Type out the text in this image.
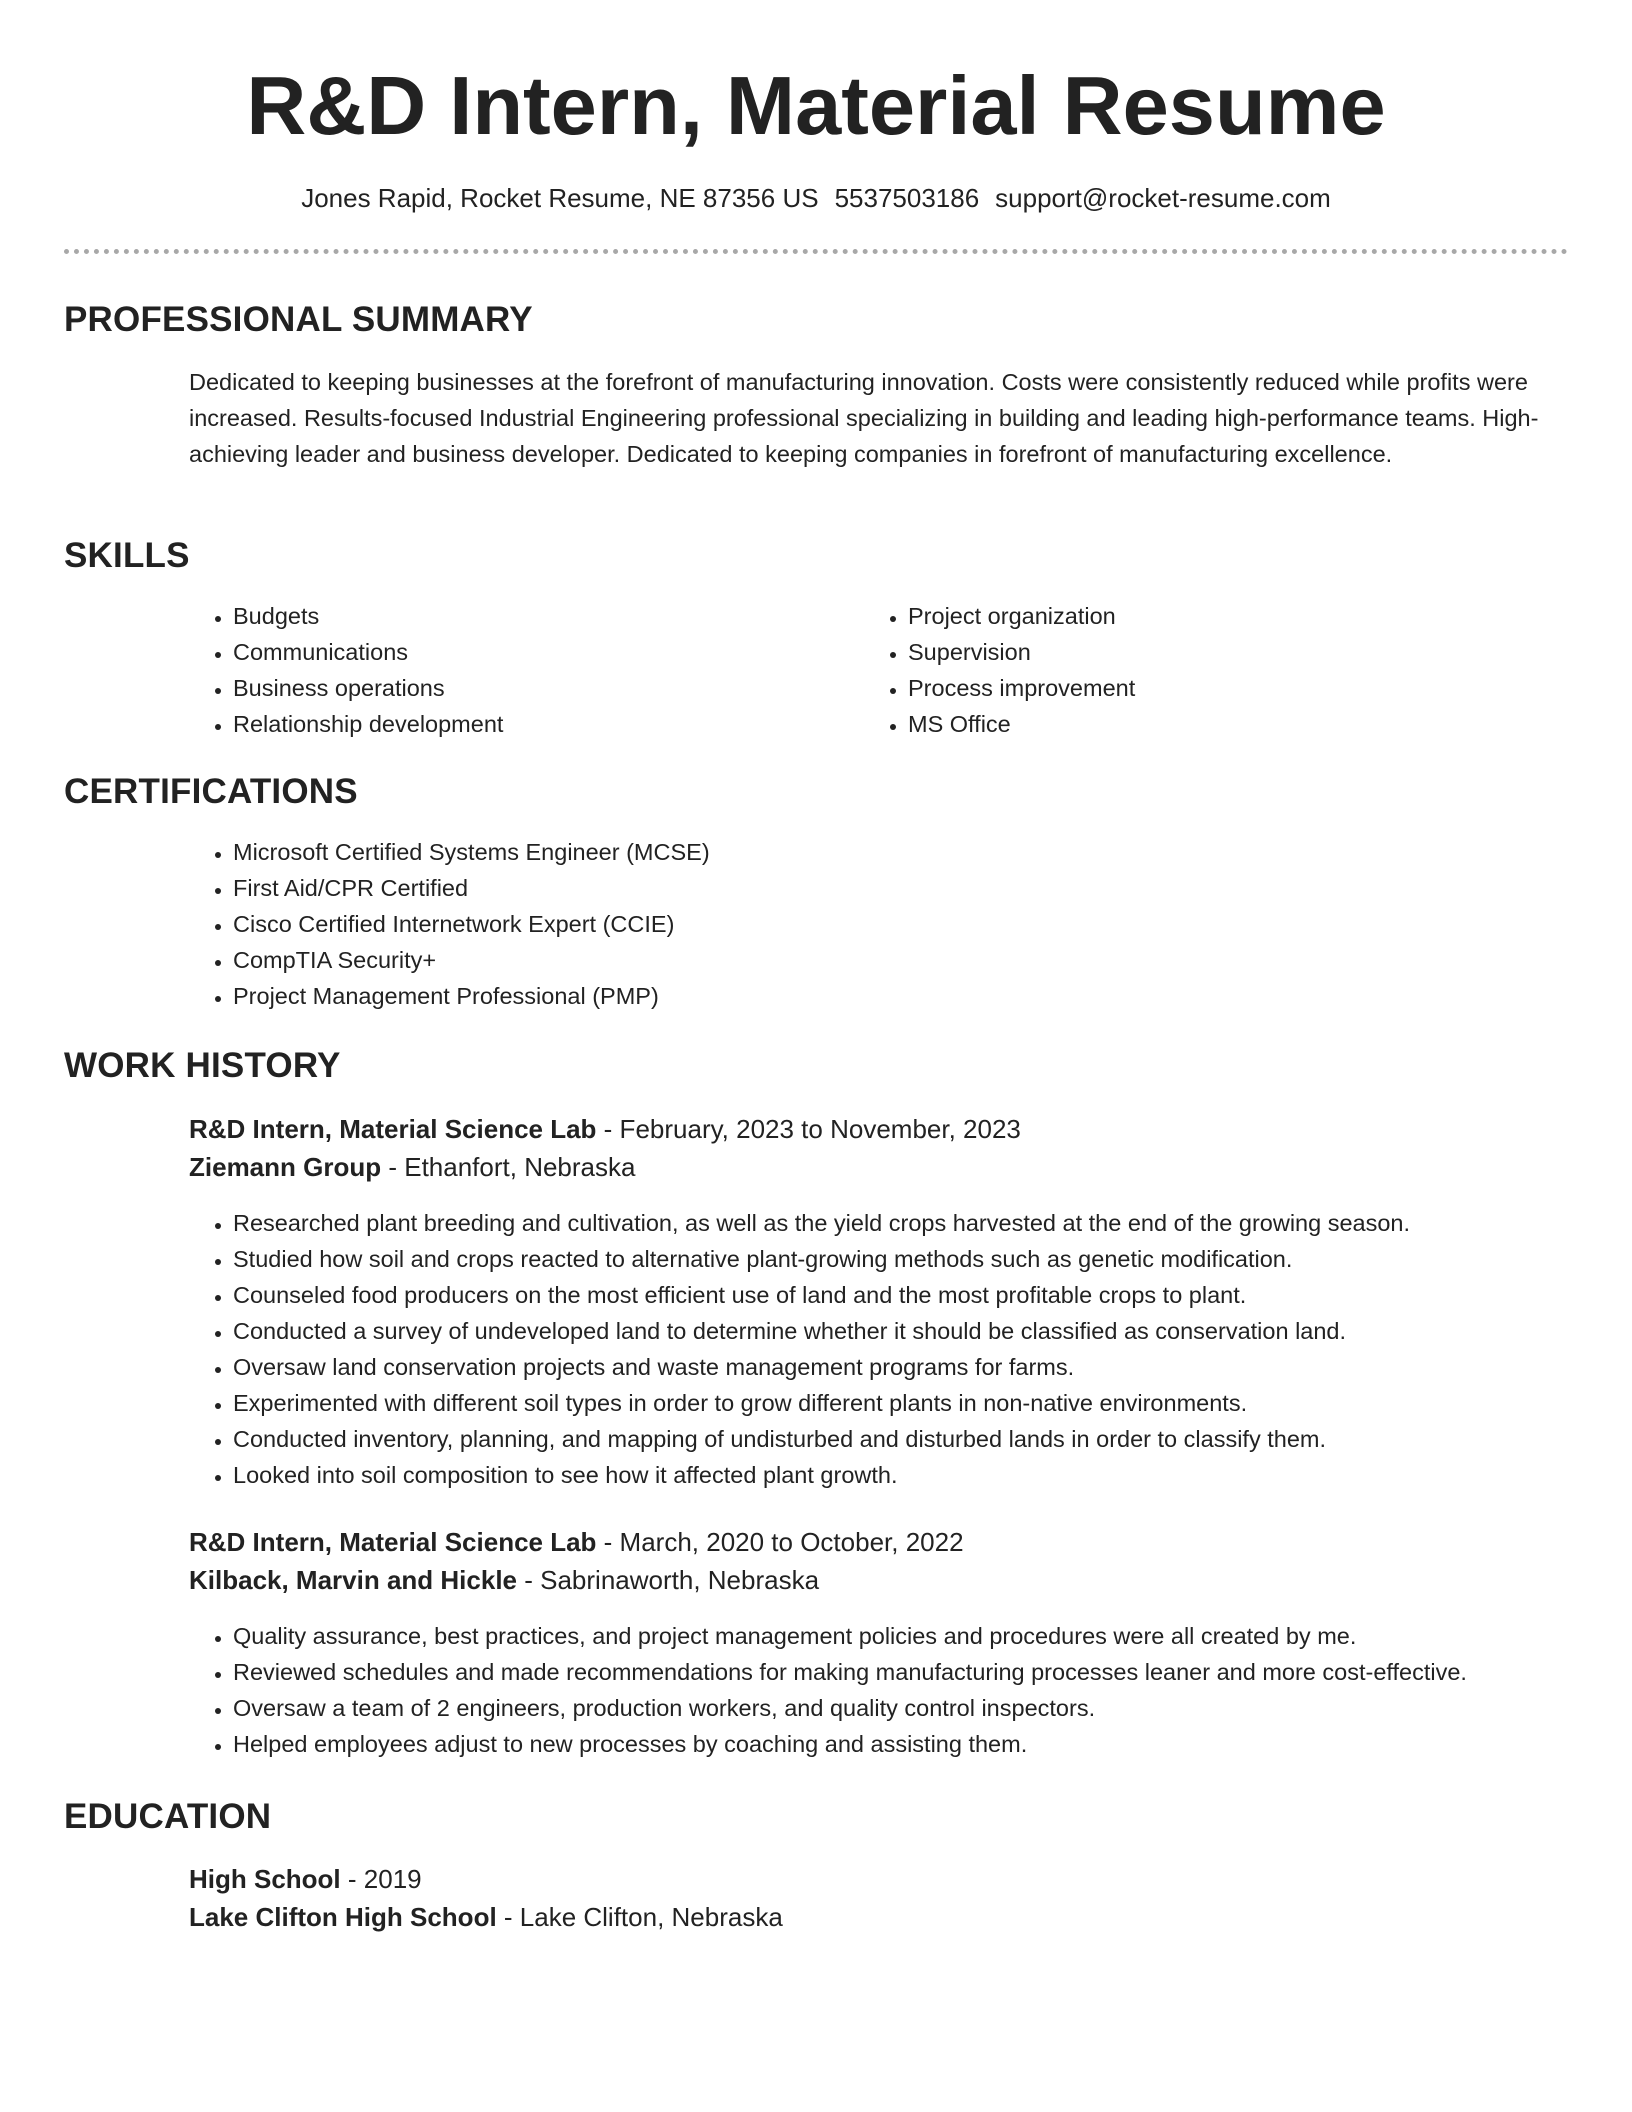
R&D Intern, Material Resume
Jones Rapid, Rocket Resume, NE 87356 US 5537503186 support@rocket-resume.com
PROFESSIONAL SUMMARY

Dedicated to keeping businesses at the forefront of manufacturing innovation. Costs were consistently reduced while profits were increased. Results-focused Industrial Engineering professional specializing in building and leading high-performance teams. High-achieving leader and business developer. Dedicated to keeping companies in forefront of manufacturing excellence.

SKILLS
• Budgets
• Communications
• Business operations
• Relationship development
• Project organization
• Supervision
• Process improvement
• MS Office
CERTIFICATIONS
• Microsoft Certified Systems Engineer (MCSE)
• First Aid/CPR Certified
• Cisco Certified Internetwork Expert (CCIE)
• CompTIA Security+
• Project Management Professional (PMP)
WORK HISTORY
R&D Intern, Material Science Lab - February, 2023 to November, 2023
Ziemann Group - Ethanfort, Nebraska
• Researched plant breeding and cultivation, as well as the yield crops harvested at the end of the growing season.
• Studied how soil and crops reacted to alternative plant-growing methods such as genetic modification.
• Counseled food producers on the most efficient use of land and the most profitable crops to plant.
• Conducted a survey of undeveloped land to determine whether it should be classified as conservation land.
• Oversaw land conservation projects and waste management programs for farms.
• Experimented with different soil types in order to grow different plants in non-native environments.
• Conducted inventory, planning, and mapping of undisturbed and disturbed lands in order to classify them.
• Looked into soil composition to see how it affected plant growth.
R&D Intern, Material Science Lab - March, 2020 to October, 2022
Kilback, Marvin and Hickle - Sabrinaworth, Nebraska
• Quality assurance, best practices, and project management policies and procedures were all created by me.
• Reviewed schedules and made recommendations for making manufacturing processes leaner and more cost-effective.
• Oversaw a team of 2 engineers, production workers, and quality control inspectors.
• Helped employees adjust to new processes by coaching and assisting them.
EDUCATION
High School - 2019
Lake Clifton High School - Lake Clifton, Nebraska
